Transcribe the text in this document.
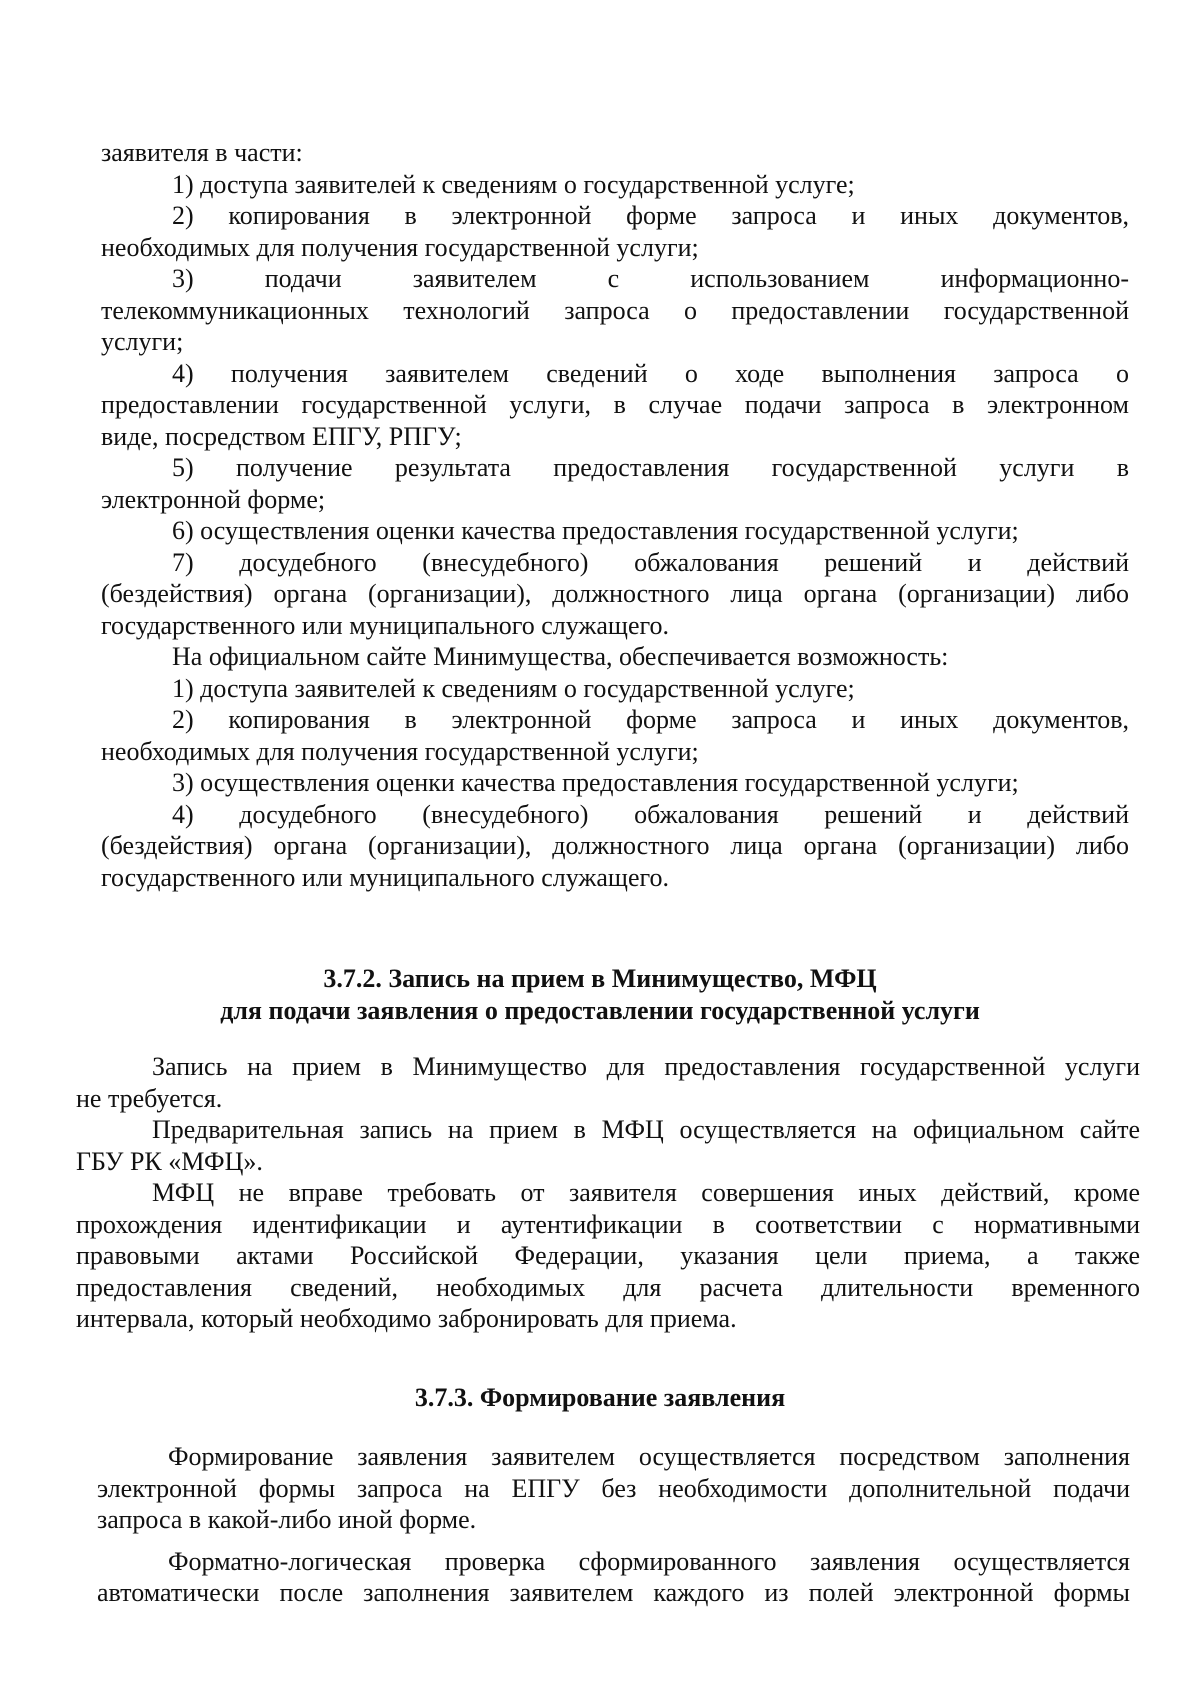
заявителя в части:
1) доступа заявителей к сведениям о государственной услуге;
2) копирования в электронной форме запроса и иных документов,
необходимых для получения государственной услуги;
3) подачи заявителем с использованием информационно-
телекоммуникационных технологий запроса о предоставлении государственной
услуги;
4) получения заявителем сведений о ходе выполнения запроса о
предоставлении государственной услуги, в случае подачи запроса в электронном
виде, посредством ЕПГУ, РПГУ;
5) получение результата предоставления государственной услуги в
электронной форме;
6) осуществления оценки качества предоставления государственной услуги;
7) досудебного (внесудебного) обжалования решений и действий
(бездействия) органа (организации), должностного лица органа (организации) либо
государственного или муниципального служащего.
На официальном сайте Минимущества, обеспечивается возможность:
1) доступа заявителей к сведениям о государственной услуге;
2) копирования в электронной форме запроса и иных документов,
необходимых для получения государственной услуги;
3) осуществления оценки качества предоставления государственной услуги;
4) досудебного (внесудебного) обжалования решений и действий
(бездействия) органа (организации), должностного лица органа (организации) либо
государственного или муниципального служащего.
3.7.2. Запись на прием в Минимущество, МФЦ
для подачи заявления о предоставлении государственной услуги
Запись на прием в Минимущество для предоставления государственной услуги
не требуется.
Предварительная запись на прием в МФЦ осуществляется на официальном сайте
ГБУ РК «МФЦ».
МФЦ не вправе требовать от заявителя совершения иных действий, кроме
прохождения идентификации и аутентификации в соответствии с нормативными
правовыми актами Российской Федерации, указания цели приема, а также
предоставления сведений, необходимых для расчета длительности временного
интервала, который необходимо забронировать для приема.
3.7.3. Формирование заявления
Формирование заявления заявителем осуществляется посредством заполнения
электронной формы запроса на ЕПГУ без необходимости дополнительной подачи
запроса в какой-либо иной форме.
Форматно-логическая проверка сформированного заявления осуществляется
автоматически после заполнения заявителем каждого из полей электронной формы
